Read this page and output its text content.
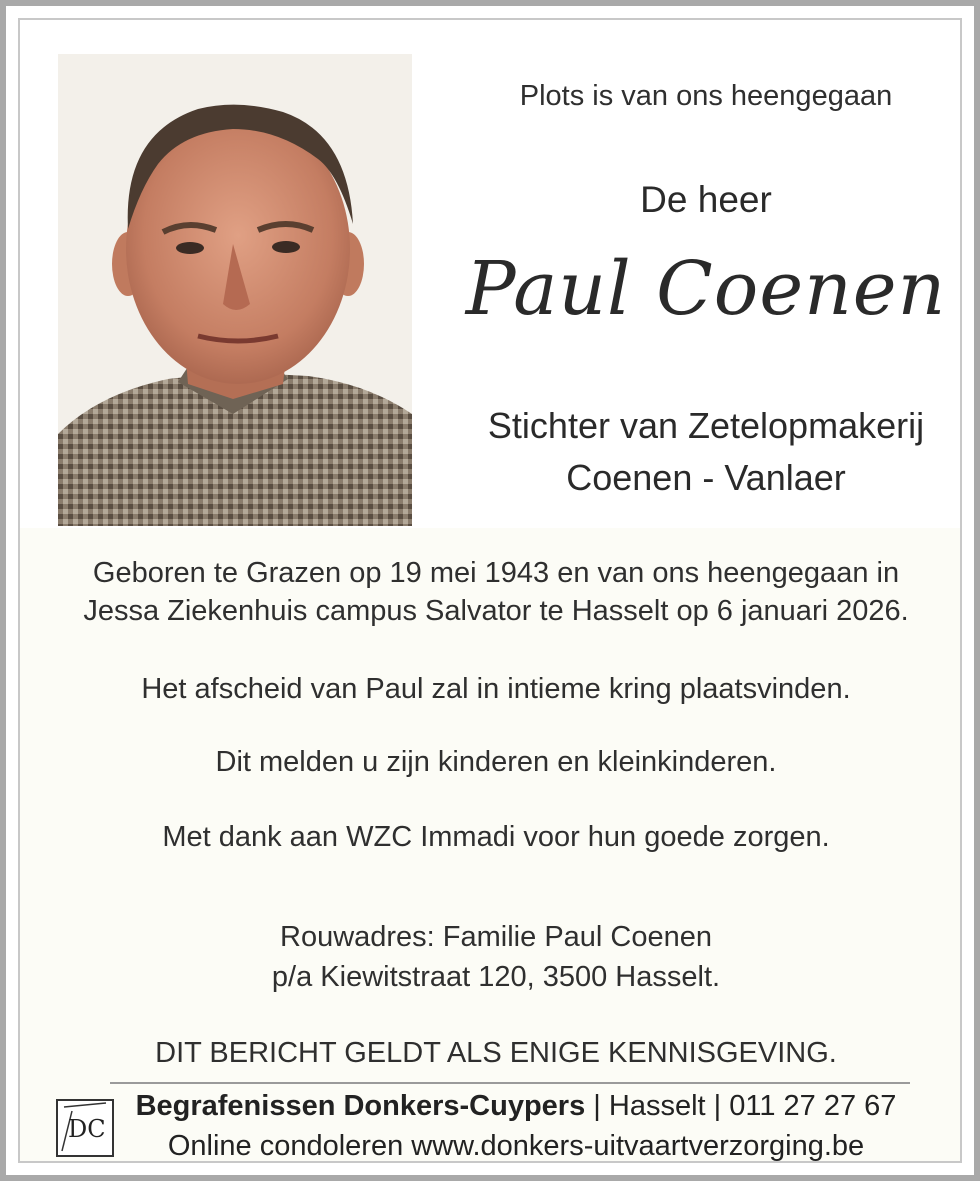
Plots is van ons heengegaan
De heer
Paul Coenen
Stichter van Zetelopmakerij
Coenen - Vanlaer
Geboren te Grazen op 19 mei 1943 en van ons heengegaan in
Jessa Ziekenhuis campus Salvator te Hasselt op 6 januari 2026.
Het afscheid van Paul zal in intieme kring plaatsvinden.
Dit melden u zijn kinderen en kleinkinderen.
Met dank aan WZC Immadi voor hun goede zorgen.
Rouwadres: Familie Paul Coenen
p/a Kiewitstraat 120, 3500 Hasselt.
DIT BERICHT GELDT ALS ENIGE KENNISGEVING.
DC
Begrafenissen Donkers-Cuypers | Hasselt | 011 27 27 67
Online condoleren www.donkers-uitvaartverzorging.be
